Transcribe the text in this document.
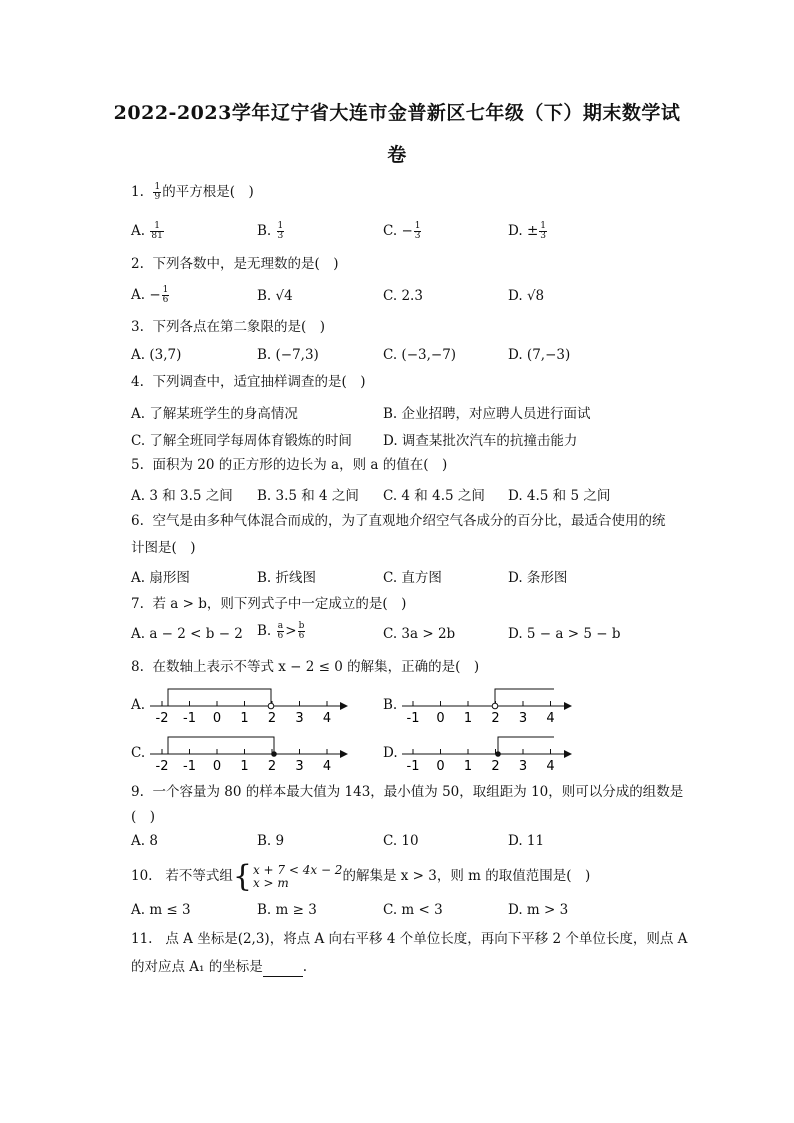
2022-2023学年辽宁省大连市金普新区七年级（下）期末数学试
卷
1. $\frac{1}{9}$ 的平方根是(　)
A. $\frac{1}{81}$	B. $\frac{1}{3}$	C. − $\frac{1}{3}$	D. ± $\frac{1}{3}$
2. 下列各数中，是无理数的是(　)
A. − $\frac{1}{6}$	B. √4	C. 2.3̇	D. √8
3. 下列各点在第二象限的是(　)
A. (3,7)	B. (−7,3)	C. (−3,−7)	D. (7,−3)
4. 下列调查中，适宜抽样调查的是(　)
A. 了解某班学生的身高情况	B. 企业招聘，对应聘人员进行面试
C. 了解全班同学每周体育锻炼的时间 D. 调查某批次汽车的抗撞击能力
5. 面积为 20 的正方形的边长为 a，则 a 的值在(　)
A. 3 和 3.5 之间 B. 3.5 和 4 之间 C. 4 和 4.5 之间 D. 4.5 和 5 之间
6. 空气是由多种气体混合而成的，为了直观地介绍空气各成分的百分比，最适合使用的统
计图是(　)
A. 扇形图	B. 折线图	C. 直方图	D. 条形图
7. 若 a > b，则下列式子中一定成立的是(　)
A. a − 2 < b − 2 B. $\frac{a}{6} > \frac{b}{6}$	C. 3a > 2b	D. 5 − a > 5 − b
8. 在数轴上表示不等式 x − 2 ≤ 0 的解集，正确的是(　)
A.	B.
C.	D.
-2 -1 0 1 2 3 4	-1 0 1 2 3 4
-2 -1 0 1 2 3 4	-1 0 1 2 3 4
9. 一个容量为 80 的样本最大值为 143，最小值为 50，取组距为 10，则可以分成的组数是
(　)
A. 8	B. 9	C. 10	D. 11
10. 若不等式组{ x + 7 < 4x − 2
x > m	的解集是 x > 3，则 m 的取值范围是(　)
A. m ≤ 3	B. m ≥ 3	C. m < 3	D. m > 3
11. 点 A 坐标是(2,3)，将点 A 向右平移 4 个单位长度，再向下平移 2 个单位长度，则点 A
的对应点 A₁ 的坐标是	.
